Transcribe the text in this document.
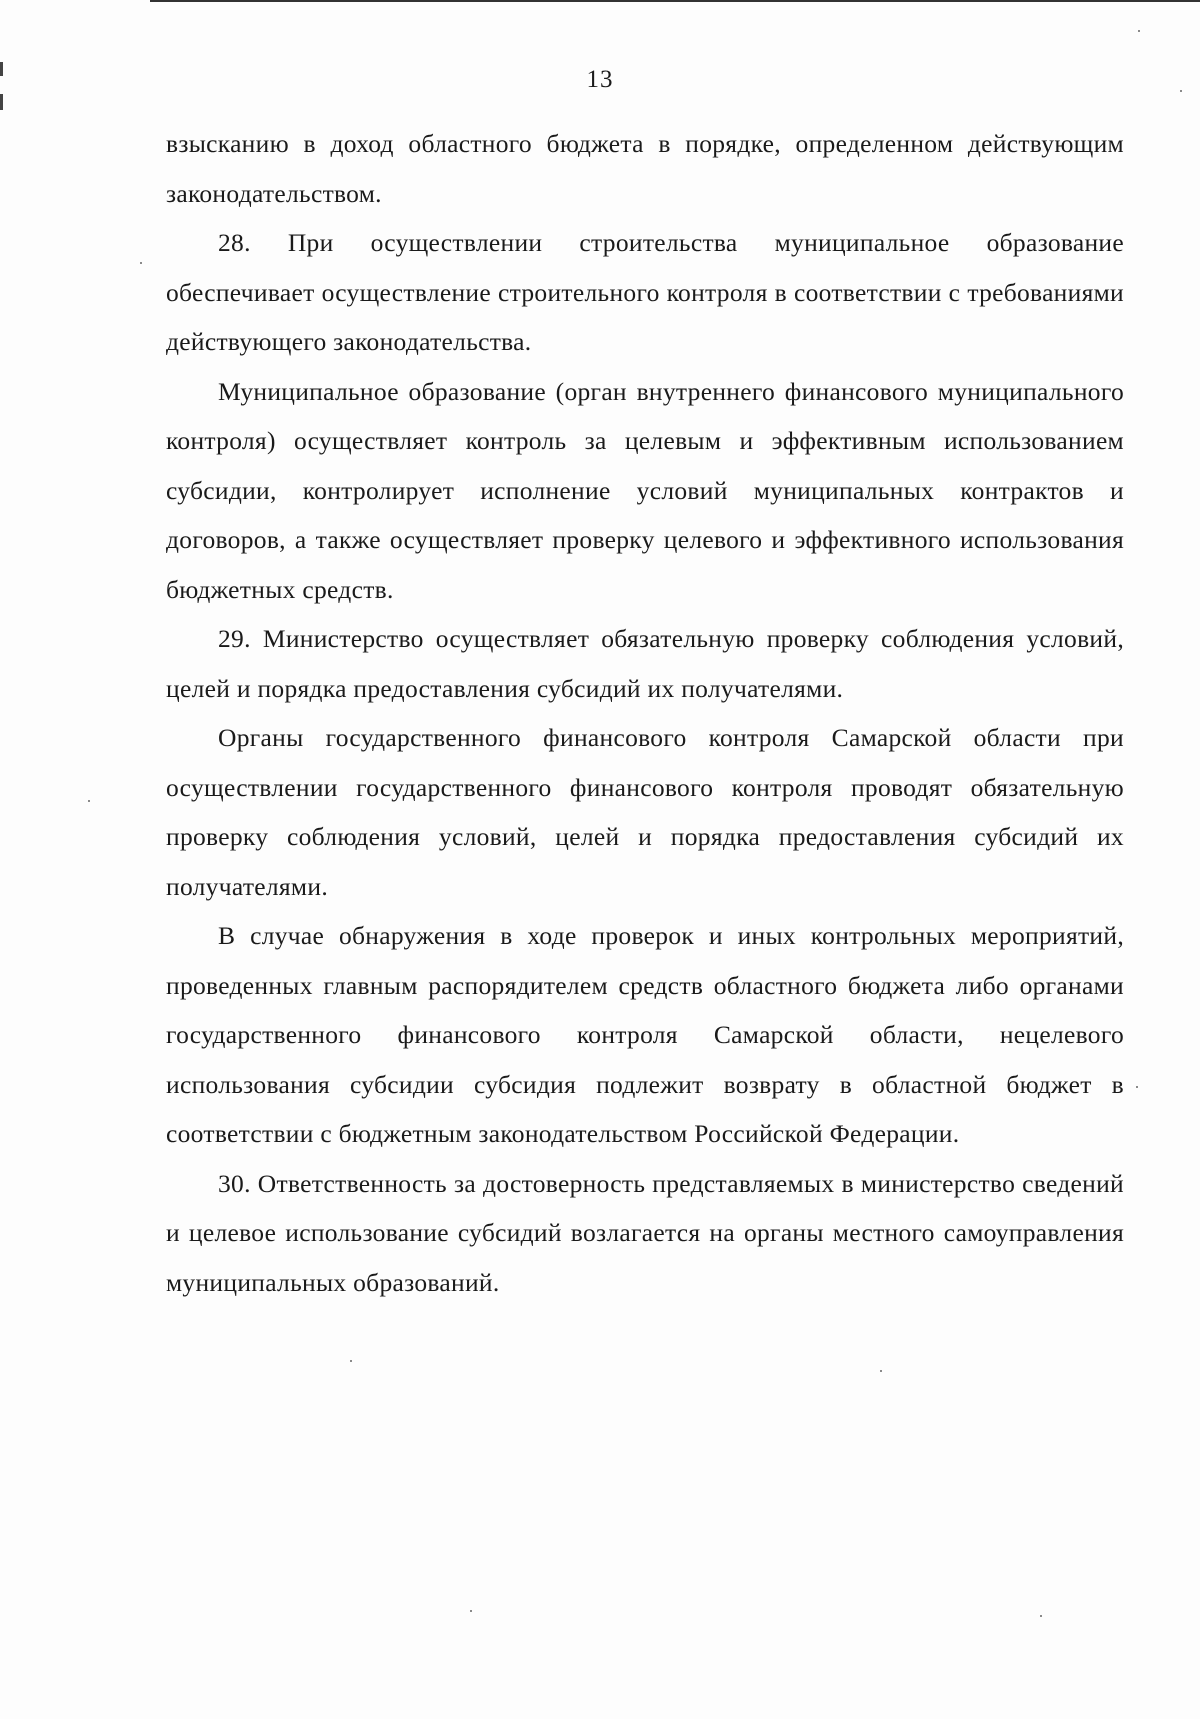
13

взысканию в доход областного бюджета в порядке, определенном действующим законодательством.

28. При осуществлении строительства муниципальное образование обеспечивает осуществление строительного контроля в соответствии с требованиями действующего законодательства.

Муниципальное образование (орган внутреннего финансового муниципального контроля) осуществляет контроль за целевым и эффективным использованием субсидии, контролирует исполнение условий муниципальных контрактов и договоров, а также осуществляет проверку целевого и эффективного использования бюджетных средств.

29. Министерство осуществляет обязательную проверку соблюдения условий, целей и порядка предоставления субсидий их получателями.

Органы государственного финансового контроля Самарской области при осуществлении государственного финансового контроля проводят обязательную проверку соблюдения условий, целей и порядка предоставления субсидий их получателями.

В случае обнаружения в ходе проверок и иных контрольных мероприятий, проведенных главным распорядителем средств областного бюджета либо органами государственного финансового контроля Самарской области, нецелевого использования субсидии субсидия подлежит возврату в областной бюджет в соответствии с бюджетным законодательством Российской Федерации.

30. Ответственность за достоверность представляемых в министерство сведений и целевое использование субсидий возлагается на органы местного самоуправления муниципальных образований.
